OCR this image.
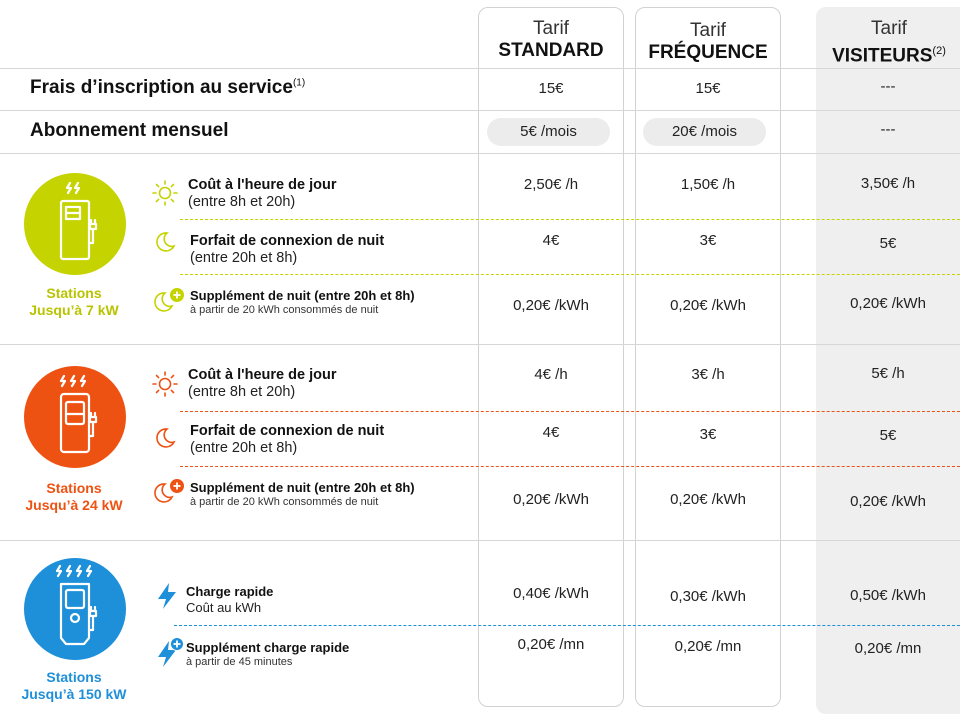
Tarif
STANDARD
Tarif
FRÉQUENCE
Tarif
VISITEURS$^{(2)}$
Frais d’inscription au service$^{(1)}$	15€	15€	---
Abonnement mensuel	5€ /mois	20€ /mois	---
Stations
Jusqu’à 7 kW
Coût à l'heure de jour
(entre 8h et 20h)
2,50€ /h	1,50€ /h	3,50€ /h
Forfait de connexion de nuit
(entre 20h et 8h)
4€	3€	5€
Supplément de nuit (entre 20h et 8h)
à partir de 20 kWh consommés de nuit	0,20€ /kWh	0,20€ /kWh	0,20€ /kWh
Stations
Jusqu’à 24 kW
Coût à l'heure de jour
(entre 8h et 20h)
4€ /h	3€ /h	5€ /h
Forfait de connexion de nuit
(entre 20h et 8h)
4€	3€	5€
Supplément de nuit (entre 20h et 8h)
à partir de 20 kWh consommés de nuit	0,20€ /kWh	0,20€ /kWh	0,20€ /kWh
Stations
Jusqu’à 150 kW
Charge rapide
Coût au kWh
0,40€ /kWh	0,30€ /kWh	0,50€ /kWh
Supplément charge rapide
à partir de 45 minutes
0,20€ /mn	0,20€ /mn	0,20€ /mn
